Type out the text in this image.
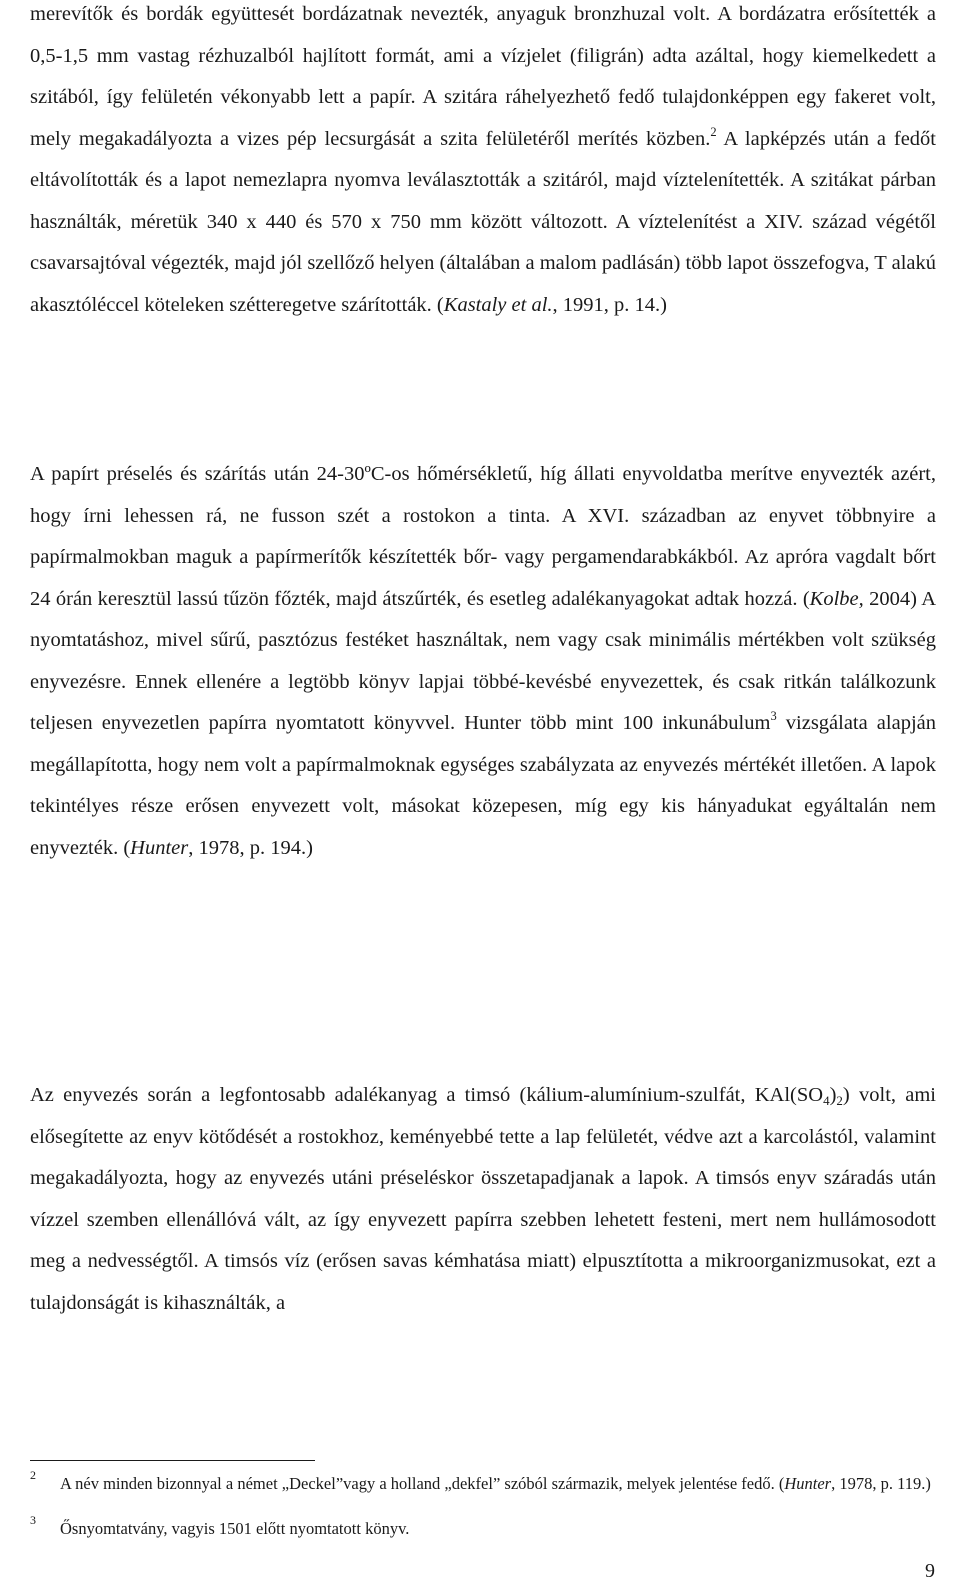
merevítők és bordák együttesét bordázatnak nevezték, anyaguk bronzhuzal volt. A bordázatra erősítették a 0,5-1,5 mm vastag rézhuzalból hajlított formát, ami a vízjelet (filigrán) adta azáltal, hogy kiemelkedett a szitából, így felületén vékonyabb lett a papír. A szitára ráhelyezhető fedő tulajdonképpen egy fakeret volt, mely megakadályozta a vizes pép lecsurgását a szita felületéről merítés közben.$^2$ A lapképzés után a fedőt eltávolították és a lapot nemezlapra nyomva leválasztották a szitáról, majd víztelenítették. A szitákat párban használták, méretük 340 x 440 és 570 x 750 mm között változott. A víztelenítést a XIV. század végétől csavarsajtóval végezték, majd jól szellőző helyen (általában a malom padlásán) több lapot összefogva, T alakú akasztóléccel köteleken szétteregetve szárították. (Kastaly et al., 1991, p. 14.)

A papírt préselés és szárítás után 24-30ºC-os hőmérsékletű, híg állati enyvoldatba merítve enyvezték azért, hogy írni lehessen rá, ne fusson szét a rostokon a tinta. A XVI. században az enyvet többnyire a papírmalmokban maguk a papírmerítők készítették bőr- vagy pergamendarabkákból. Az apróra vagdalt bőrt 24 órán keresztül lassú tűzön főzték, majd átszűrték, és esetleg adalékanyagokat adtak hozzá. (Kolbe, 2004) A nyomtatáshoz, mivel sűrű, pasztózus festéket használtak, nem vagy csak minimális mértékben volt szükség enyvezésre. Ennek ellenére a legtöbb könyv lapjai többé-kevésbé enyvezettek, és csak ritkán találkozunk teljesen enyvezetlen papírra nyomtatott könyvvel. Hunter több mint 100 inkunábulum$^3$ vizsgálata alapján megállapította, hogy nem volt a papírmalmoknak egységes szabályzata az enyvezés mértékét illetően. A lapok tekintélyes része erősen enyvezett volt, másokat közepesen, míg egy kis hányadukat egyáltalán nem enyvezték. (Hunter, 1978, p. 194.)

Az enyvezés során a legfontosabb adalékanyag a timsó (kálium-alumínium-szulfát, $KAl(SO_4)_2$) volt, ami elősegítette az enyv kötődését a rostokhoz, keményebbé tette a lap felületét, védve azt a karcolástól, valamint megakadályozta, hogy az enyvezés utáni préseléskor összetapadjanak a lapok. A timsós enyv száradás után vízzel szemben ellenállóvá vált, az így enyvezett papírra szebben lehetett festeni, mert nem hullámosodott meg a nedvességtől. A timsós víz (erősen savas kémhatása miatt) elpusztította a mikroorganizmusokat, ezt a tulajdonságát is kihasználták, a

2 A név minden bizonnyal a német „Deckel”vagy a holland „dekfel” szóból származik, melyek jelentése fedő. (Hunter, 1978, p. 119.)
3 Ősnyomtatvány, vagyis 1501 előtt nyomtatott könyv.

9
